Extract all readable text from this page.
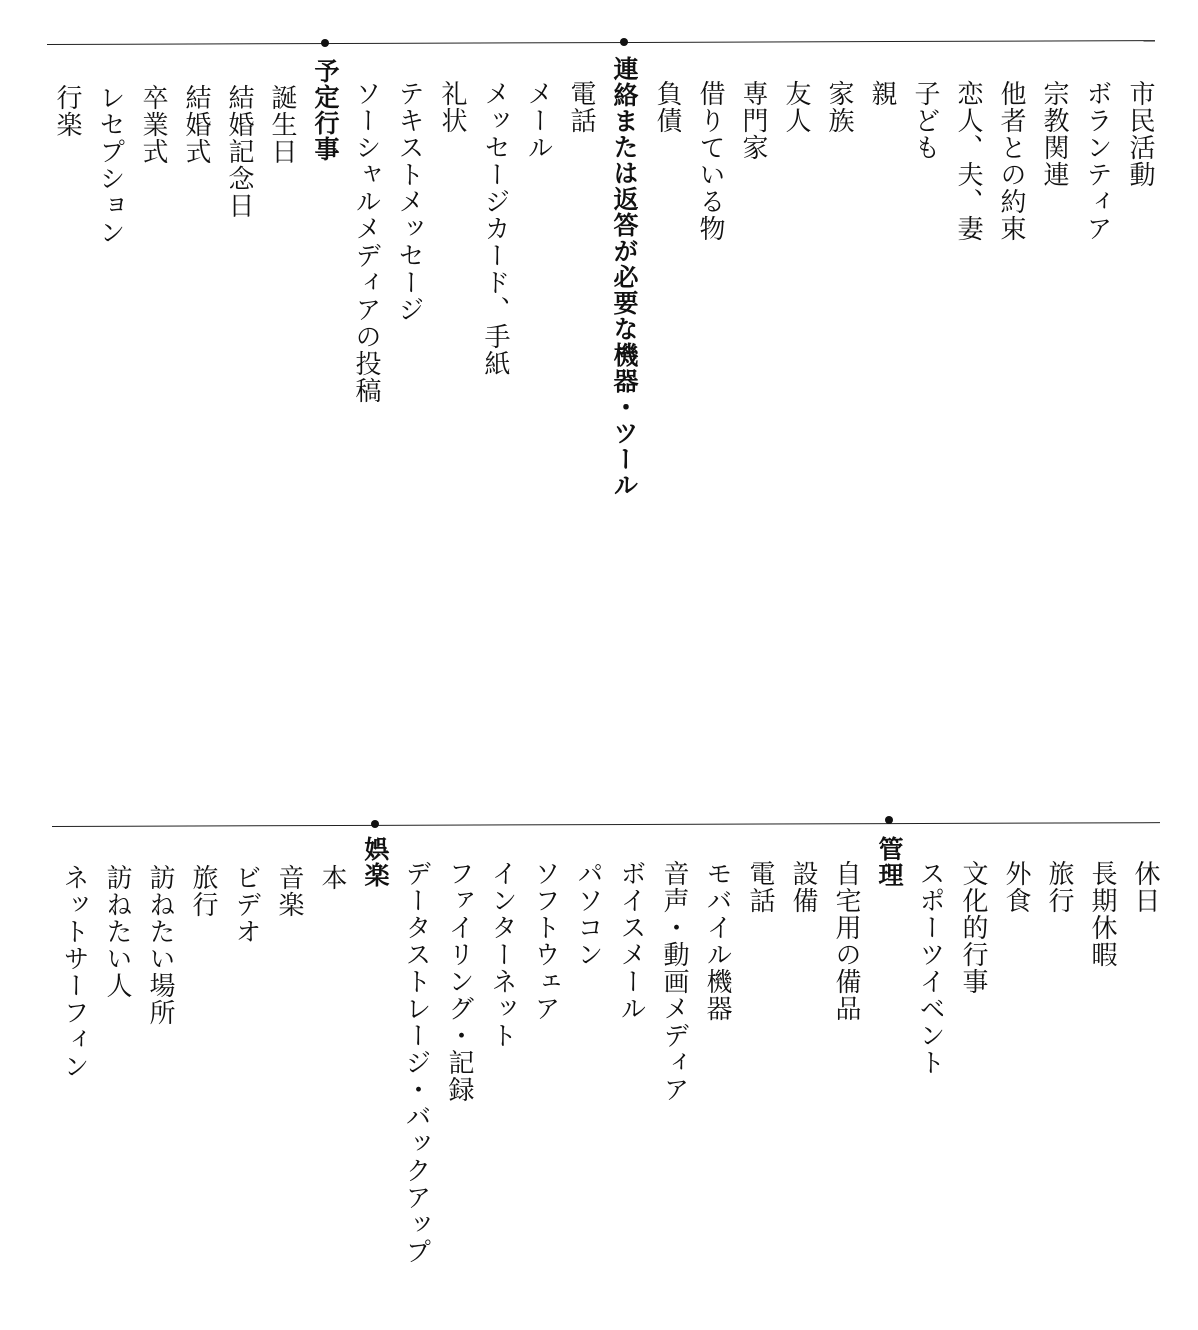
市民活動
ボランティア
宗教関連
他者との約束
恋人、夫、妻
子ども
親
家族
友人
専門家
借りている物
負債
連絡または返答が必要な機器・ツール
電話
メール
メッセージカード、手紙
礼状
テキストメッセージ
ソーシャルメディアの投稿
予定行事
誕生日
結婚記念日
結婚式
卒業式
レセプション
行楽
休日
長期休暇
旅行
外食
文化的行事
スポーツイベント
管理
自宅用の備品
設備
電話
モバイル機器
音声・動画メディア
ボイスメール
パソコン
ソフトウェア
インターネット
ファイリング・記録
データストレージ・バックアップ
娯楽
本
音楽
ビデオ
旅行
訪ねたい場所
訪ねたい人
ネットサーフィン
